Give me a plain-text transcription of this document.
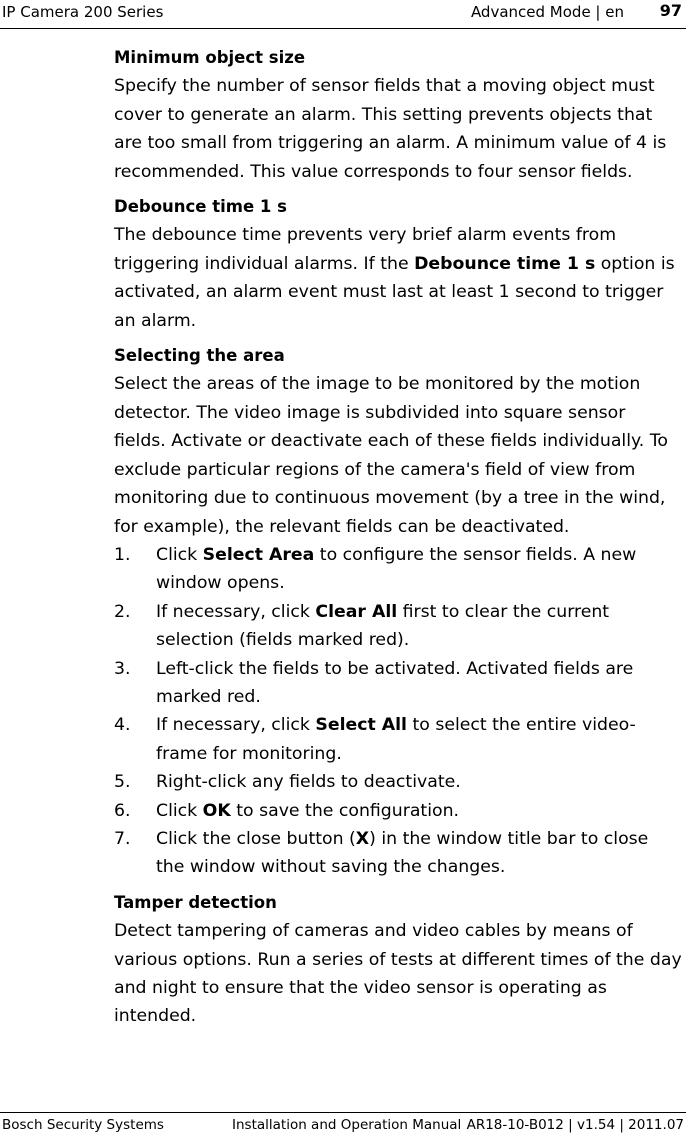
IP Camera 200 Series	Advanced Mode | en 97
Minimum object size

Specify the number of sensor fields that a moving object must cover to generate an alarm. This setting prevents objects that are too small from triggering an alarm. A minimum value of 4 is recommended. This value corresponds to four sensor fields.

Debounce time 1 s

The debounce time prevents very brief alarm events from triggering individual alarms. If the Debounce time 1 s option is activated, an alarm event must last at least 1 second to trigger an alarm.

Selecting the area

Select the areas of the image to be monitored by the motion detector. The video image is subdivided into square sensor fields. Activate or deactivate each of these fields individually. To exclude particular regions of the camera's field of view from monitoring due to continuous movement (by a tree in the wind, for example), the relevant fields can be deactivated.

1. Click Select Area to configure the sensor fields. A new window opens.
2. If necessary, click Clear All first to clear the current selection (fields marked red).
3. Left-click the fields to be activated. Activated fields are marked red.
4. If necessary, click Select All to select the entire video-frame for monitoring.
5. Right-click any fields to deactivate.
6. Click OK to save the configuration.
7. Click the close button (X) in the window title bar to close the window without saving the changes.
Tamper detection

Detect tampering of cameras and video cables by means of various options. Run a series of tests at different times of the day and night to ensure that the video sensor is operating as intended.

Bosch Security Systems	Installation and Operation Manual AR18-10-B012 | v1.54 | 2011.07
